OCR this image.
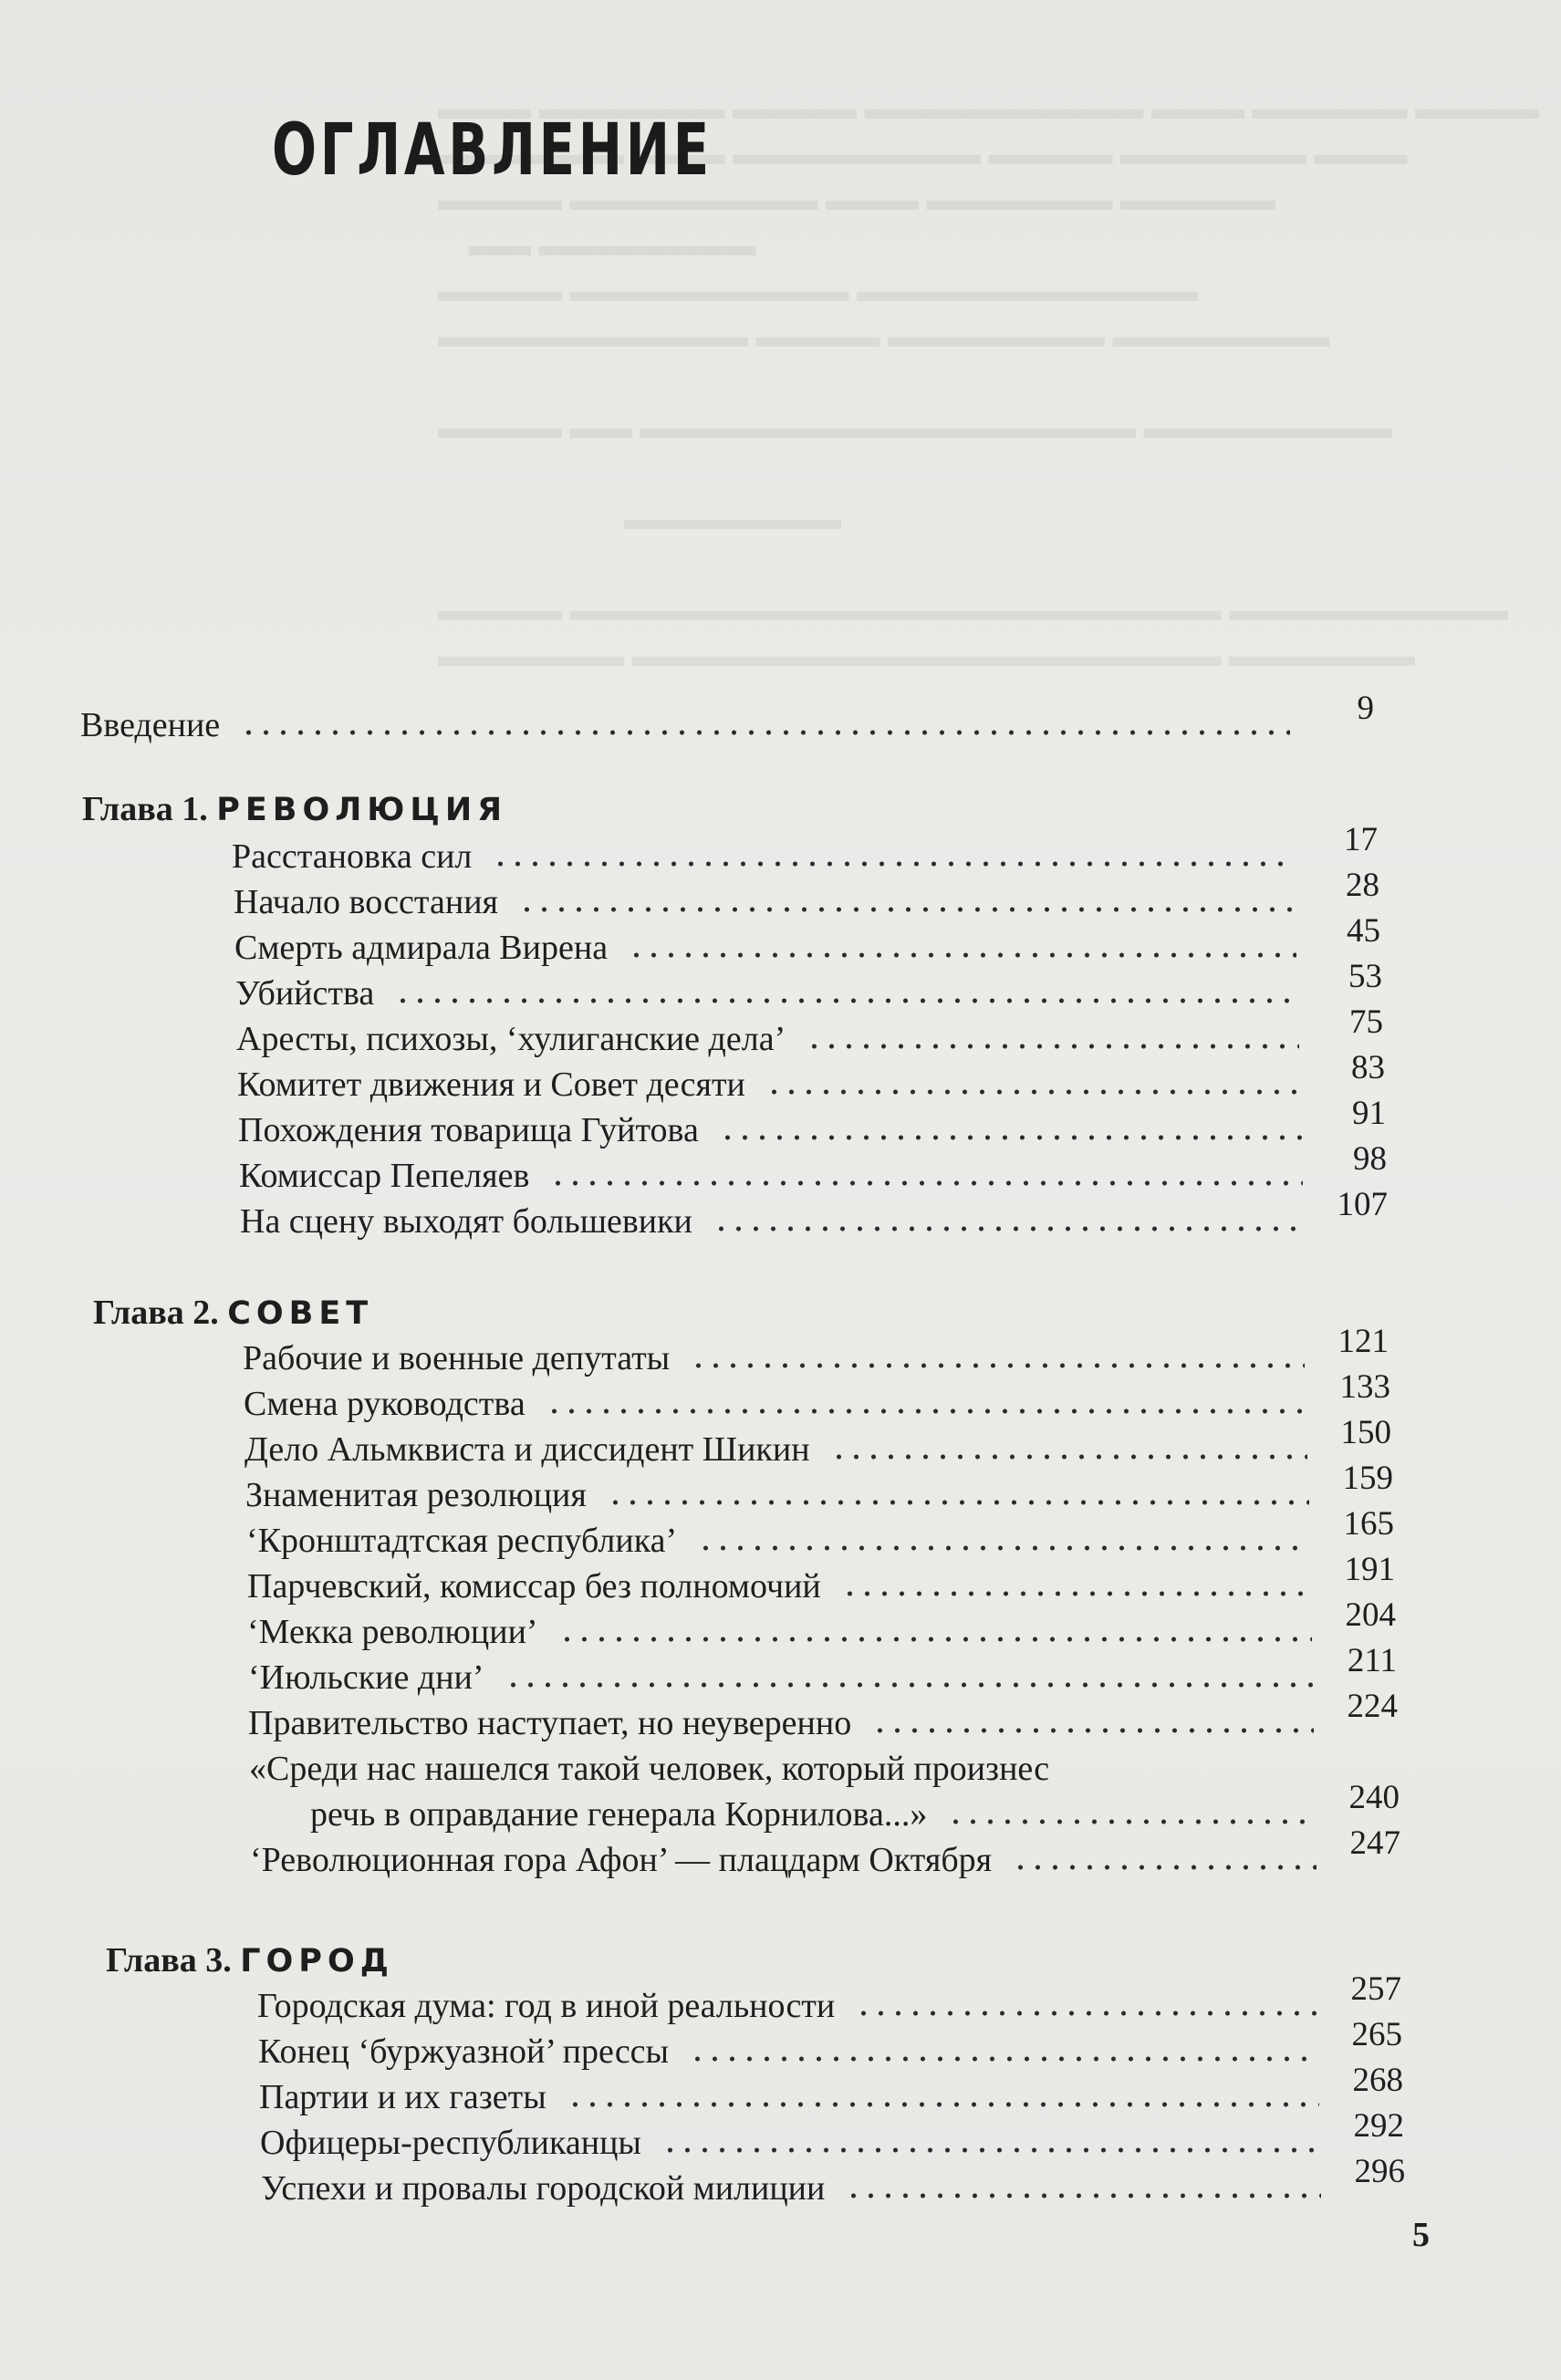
▬▬▬ ▬▬▬▬▬▬ ▬▬▬▬ ▬▬▬▬▬▬▬▬▬ ▬▬▬ ▬▬▬▬▬ ▬▬▬▬
▬▬▬▬▬▬ ▬▬▬ ▬▬▬▬▬▬▬▬ ▬▬▬▬ ▬▬▬▬▬▬ ▬▬▬
▬▬▬▬ ▬▬▬▬▬▬▬▬ ▬▬▬ ▬▬▬▬▬▬ ▬▬▬▬▬
▬▬ ▬▬▬▬▬▬▬
▬▬▬▬ ▬▬▬▬▬▬▬▬▬ ▬▬▬▬▬▬▬▬▬▬▬
▬▬▬▬▬▬▬▬▬▬ ▬▬▬▬ ▬▬▬▬▬▬▬ ▬▬▬▬▬▬▬

▬▬▬▬ ▬▬ ▬▬▬▬▬▬▬▬▬▬▬▬▬▬▬▬ ▬▬▬▬▬▬▬▬

▬▬▬▬▬▬▬

▬▬▬▬ ▬▬▬▬▬▬▬▬▬▬▬▬▬▬▬▬▬▬▬▬▬ ▬▬▬▬▬▬▬▬▬
▬▬▬▬▬▬ ▬▬▬▬▬▬▬▬▬▬▬▬▬▬▬▬▬▬▬ ▬▬▬▬▬▬
ОГЛАВЛЕНИЕ
Введение	9
Глава 1. РЕВОЛЮЦИЯ
Расстановка сил	17
Начало восстания	28
Смерть адмирала Вирена	45
Убийства	53
Аресты, психозы, ‘хулиганские дела’	75
Комитет движения и Совет десяти	83
Похождения товарища Гуйтова	91
Комиссар Пепеляев	98
На сцену выходят большевики	107
Глава 2. СОВЕТ
Рабочие и военные депутаты	121
Смена руководства	133
Дело Альмквиста и диссидент Шикин	150
Знаменитая резолюция	159
‘Кронштадтская республика’	165
Парчевский, комиссар без полномочий	191
‘Мекка революции’	204
‘Июльские дни’	211
Правительство наступает, но неуверенно	224
«Среди нас нашелся такой человек, который произнес
речь в оправдание генерала Корнилова...»	240
‘Революционная гора Афон’ — плацдарм Октября	247
Глава 3. ГОРОД
Городская дума: год в иной реальности	257
Конец ‘буржуазной’ прессы	265
Партии и их газеты	268
Офицеры-республиканцы	292
Успехи и провалы городской милиции	296
5
